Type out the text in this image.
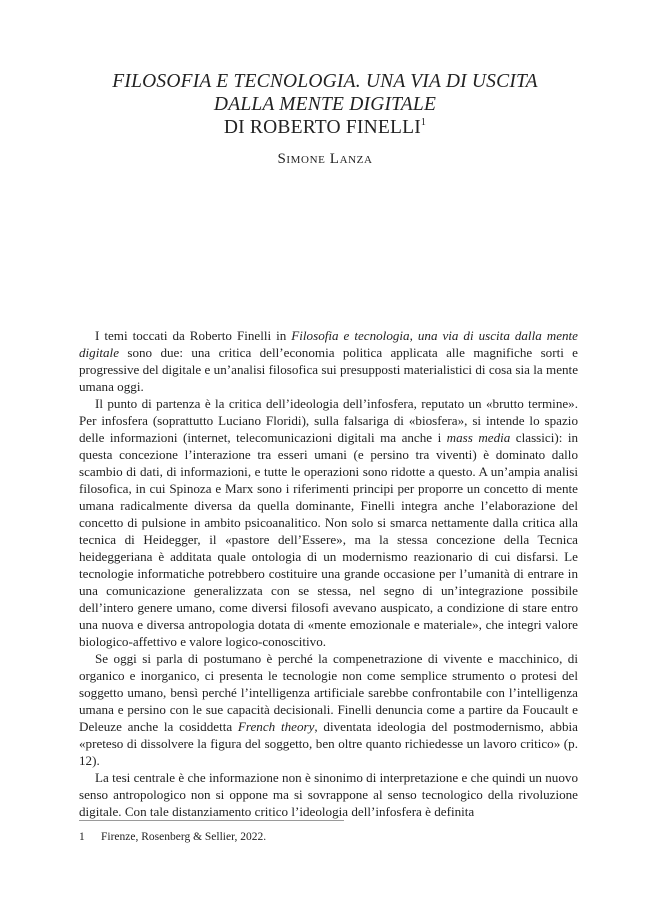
FILOSOFIA E TECNOLOGIA. UNA VIA DI USCITA
DALLA MENTE DIGITALE
DI ROBERTO FINELLI$^1$
Simone Lanza

I temi toccati da Roberto Finelli in Filosofia e tecnologia, una via di uscita dalla mente digitale sono due: una critica dell’economia politica applicata alle magnifiche sorti e progressive del digitale e un’analisi filosofica sui presupposti materialistici di cosa sia la mente umana oggi.

Il punto di partenza è la critica dell’ideologia dell’infosfera, reputato un «brutto termine». Per infosfera (soprattutto Luciano Floridi), sulla falsariga di «biosfera», si intende lo spazio delle informazioni (internet, telecomunicazioni digitali ma anche i mass media classici): in questa concezione l’interazione tra esseri umani (e persino tra viventi) è dominato dallo scambio di dati, di informazioni, e tutte le operazioni sono ridotte a questo. A un’ampia analisi filosofica, in cui Spinoza e Marx sono i riferimenti principi per proporre un concetto di mente umana radicalmente diversa da quella dominante, Finelli integra anche l’elaborazione del concetto di pulsione in ambito psicoanalitico. Non solo si smarca nettamente dalla critica alla tecnica di Heidegger, il «pastore dell’Essere», ma la stessa concezione della Tecnica heideggeriana è additata quale ontologia di un modernismo reazionario di cui disfarsi. Le tecnologie informatiche potrebbero costituire una grande occasione per l’umanità di entrare in una comunicazione generalizzata con se stessa, nel segno di un’integrazione possibile dell’intero genere umano, come diversi filosofi avevano auspicato, a condizione di stare entro una nuova e diversa antropologia dotata di «mente emozionale e materiale», che integri valore biologico-affettivo e valore logico-conoscitivo.

Se oggi si parla di postumano è perché la compenetrazione di vivente e macchinico, di organico e inorganico, ci presenta le tecnologie non come semplice strumento o protesi del soggetto umano, bensì perché l’intelligenza artificiale sarebbe confrontabile con l’intelligenza umana e persino con le sue capacità decisionali. Finelli denuncia come a partire da Foucault e Deleuze anche la cosiddetta French theory, diventata ideologia del postmodernismo, abbia «preteso di dissolvere la figura del soggetto, ben oltre quanto richiedesse un lavoro critico» (p. 12).

La tesi centrale è che informazione non è sinonimo di interpretazione e che quindi un nuovo senso antropologico non si oppone ma si sovrappone al senso tecnologico della rivoluzione digitale. Con tale distanziamento critico l’ideologia dell’infosfera è definita

1 Firenze, Rosenberg & Sellier, 2022.
